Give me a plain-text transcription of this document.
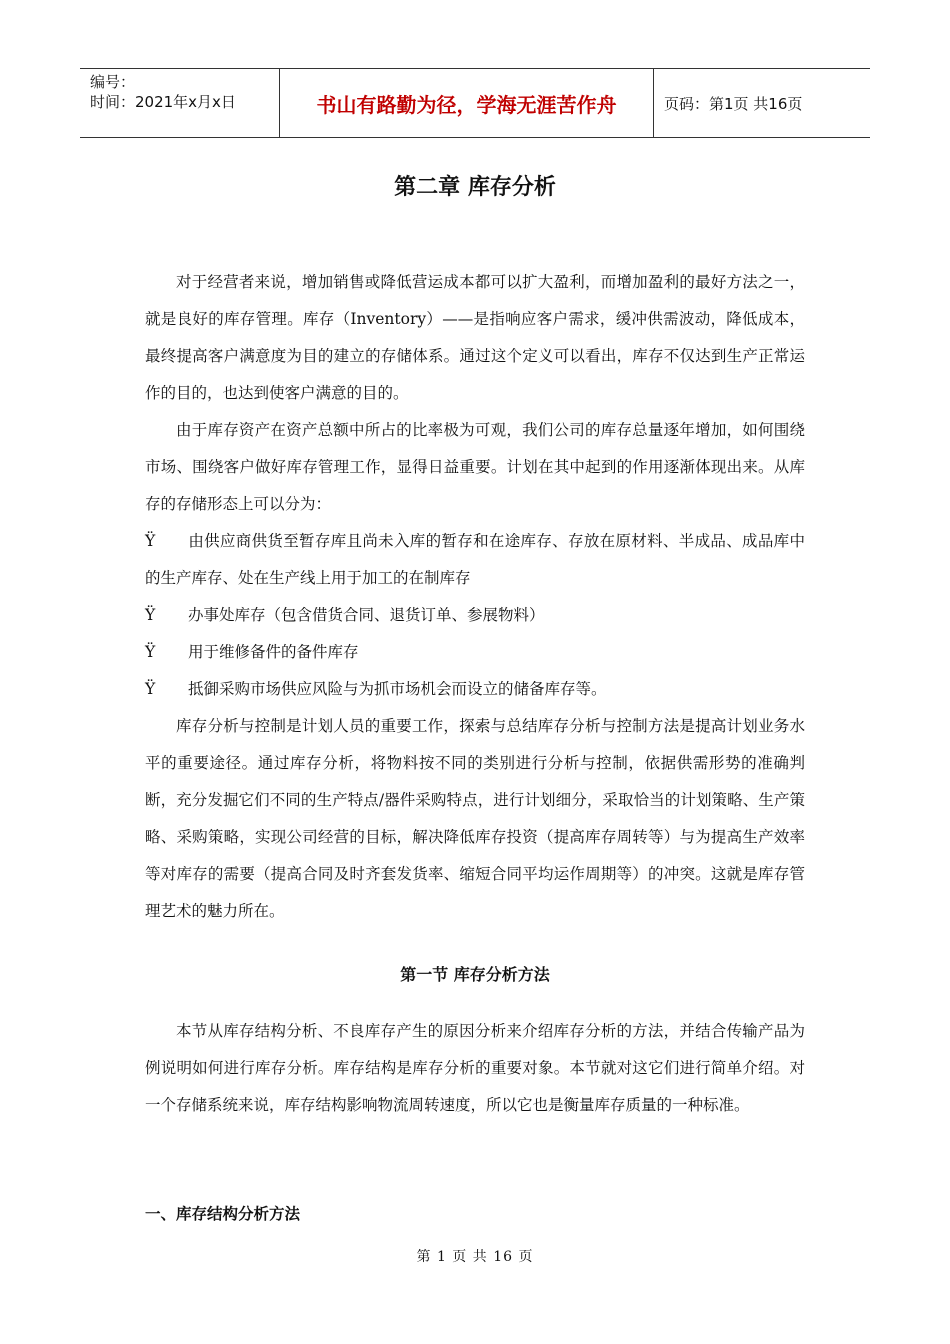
编号：
时间：2021年x月x日	书山有路勤为径，学海无涯苦作舟	页码：第1页 共16页
第二章 库存分析

对于经营者来说，增加销售或降低营运成本都可以扩大盈利，而增加盈利的最好方法之一，就是良好的库存管理。库存（Inventory）——是指响应客户需求，缓冲供需波动，降低成本，最终提高客户满意度为目的建立的存储体系。通过这个定义可以看出，库存不仅达到生产正常运作的目的，也达到使客户满意的目的。

由于库存资产在资产总额中所占的比率极为可观，我们公司的库存总量逐年增加，如何围绕市场、围绕客户做好库存管理工作，显得日益重要。计划在其中起到的作用逐渐体现出来。从库存的存储形态上可以分为：

Ÿ 由供应商供货至暂存库且尚未入库的暂存和在途库存、存放在原材料、半成品、成品库中的生产库存、处在生产线上用于加工的在制库存

Ÿ 办事处库存（包含借货合同、退货订单、参展物料）

Ÿ 用于维修备件的备件库存

Ÿ 抵御采购市场供应风险与为抓市场机会而设立的储备库存等。

库存分析与控制是计划人员的重要工作，探索与总结库存分析与控制方法是提高计划业务水平的重要途径。通过库存分析，将物料按不同的类别进行分析与控制，依据供需形势的准确判断，充分发掘它们不同的生产特点/器件采购特点，进行计划细分，采取恰当的计划策略、生产策略、采购策略，实现公司经营的目标，解决降低库存投资（提高库存周转等）与为提高生产效率等对库存的需要（提高合同及时齐套发货率、缩短合同平均运作周期等）的冲突。这就是库存管理艺术的魅力所在。

第一节 库存分析方法

本节从库存结构分析、不良库存产生的原因分析来介绍库存分析的方法，并结合传输产品为例说明如何进行库存分析。库存结构是库存分析的重要对象。本节就对这它们进行简单介绍。对一个存储系统来说，库存结构影响物流周转速度，所以它也是衡量库存质量的一种标准。

一、库存结构分析方法
第 1 页 共 16 页
